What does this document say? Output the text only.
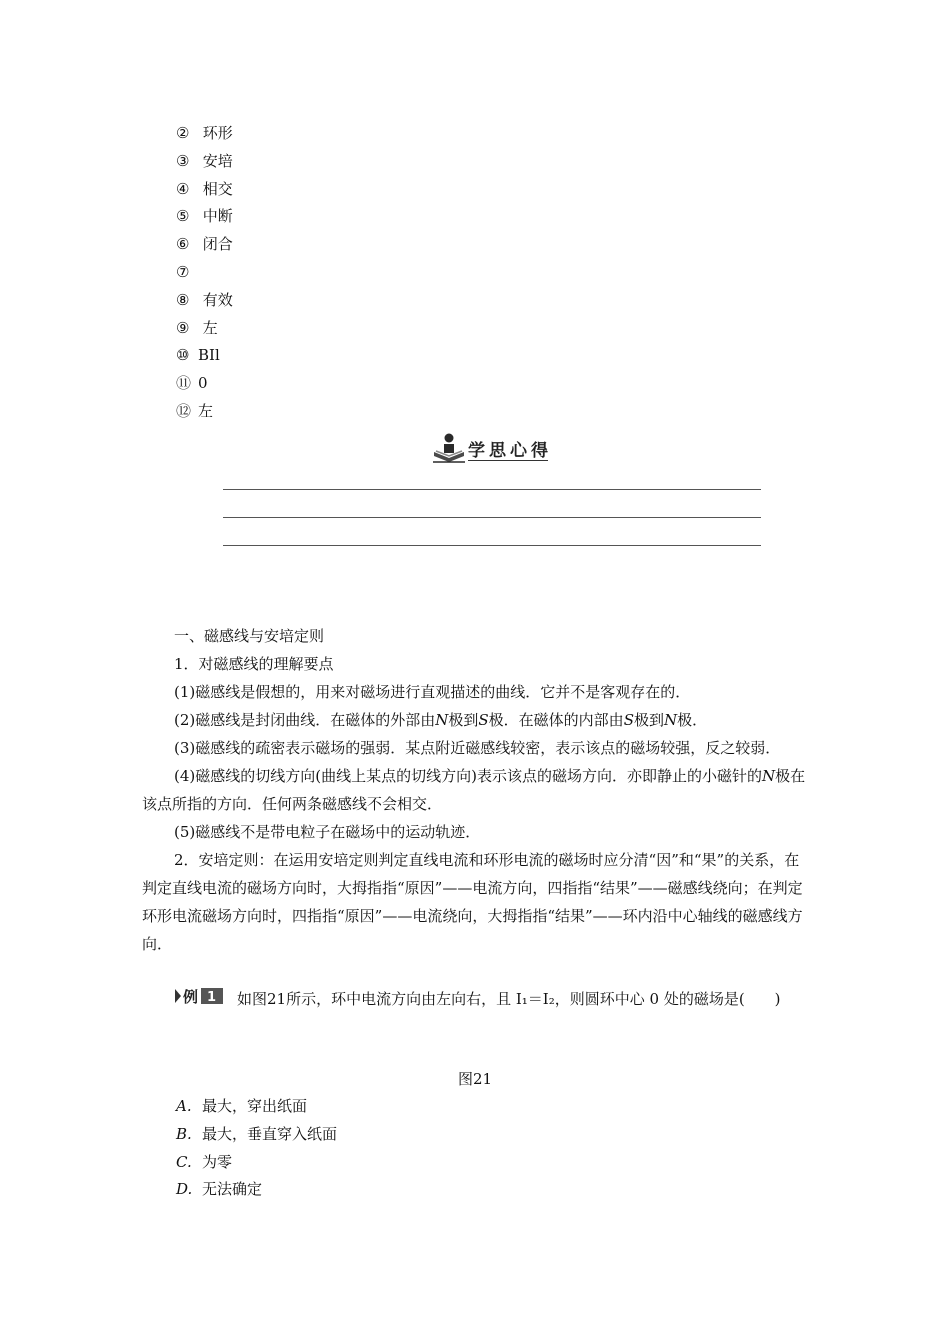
② 环形
③ 安培
④ 相交
⑤ 中断
⑥ 闭合
⑦
⑧ 有效
⑨ 左
⑩ BIl
⑪ 0
⑫ 左
学思心得

一、磁感线与安培定则

1．对磁感线的理解要点

(1)磁感线是假想的，用来对磁场进行直观描述的曲线．它并不是客观存在的．

(2)磁感线是封闭曲线．在磁体的外部由N极到S极．在磁体的内部由S极到N极．

(3)磁感线的疏密表示磁场的强弱．某点附近磁感线较密，表示该点的磁场较强，反之较弱．

(4)磁感线的切线方向(曲线上某点的切线方向)表示该点的磁场方向．亦即静止的小磁针的N极在该点所指的方向．任何两条磁感线不会相交．

(5)磁感线不是带电粒子在磁场中的运动轨迹．

2．安培定则：在运用安培定则判定直线电流和环形电流的磁场时应分清“因”和“果”的关系，在判定直线电流的磁场方向时，大拇指指“原因”——电流方向，四指指“结果”——磁感线绕向；在判定环形电流磁场方向时，四指指“原因”——电流绕向，大拇指指“结果”——环内沿中心轴线的磁感线方向．

例 1 如图21所示，环中电流方向由左向右，且 I₁＝I₂，则圆环中心 0 处的磁场是(　　)
图21
A. 最大，穿出纸面
B. 最大，垂直穿入纸面
C. 为零
D. 无法确定
